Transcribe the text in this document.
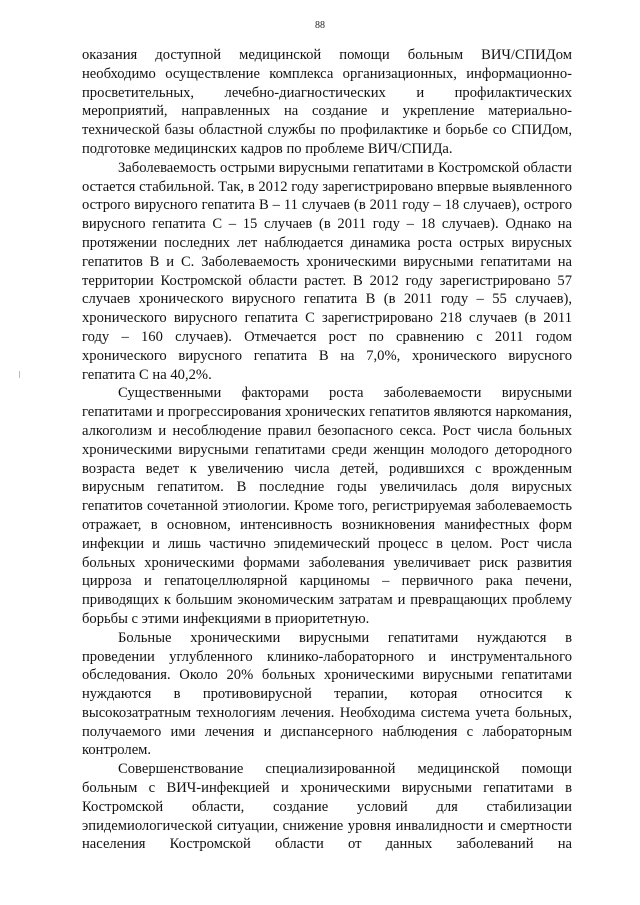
88

оказания доступной медицинской помощи больным ВИЧ/СПИДом необходимо осуществление комплекса организационных, информационно-просветительных, лечебно-диагностических и профилактических мероприятий, направленных на создание и укрепление материально-технической базы областной службы по профилактике и борьбе со СПИДом, подготовке медицинских кадров по проблеме ВИЧ/СПИДа.

Заболеваемость острыми вирусными гепатитами в Костромской области остается стабильной. Так, в 2012 году зарегистрировано впервые выявленного острого вирусного гепатита В – 11 случаев (в 2011 году – 18 случаев), острого вирусного гепатита С – 15 случаев (в 2011 году – 18 случаев). Однако на протяжении последних лет наблюдается динамика роста острых вирусных гепатитов В и С. Заболеваемость хроническими вирусными гепатитами на территории Костромской области растет. В 2012 году зарегистрировано 57 случаев хронического вирусного гепатита В (в 2011 году – 55 случаев), хронического вирусного гепатита С зарегистрировано 218 случаев (в 2011 году – 160 случаев). Отмечается рост по сравнению с 2011 годом хронического вирусного гепатита В на 7,0%, хронического вирусного гепатита С на 40,2%.

Существенными факторами роста заболеваемости вирусными гепатитами и прогрессирования хронических гепатитов являются наркомания, алкоголизм и несоблюдение правил безопасного секса. Рост числа больных хроническими вирусными гепатитами среди женщин молодого детородного возраста ведет к увеличению числа детей, родившихся с врожденным вирусным гепатитом. В последние годы увеличилась доля вирусных гепатитов сочетанной этиологии. Кроме того, регистрируемая заболеваемость отражает, в основном, интенсивность возникновения манифестных форм инфекции и лишь частично эпидемический процесс в целом. Рост числа больных хроническими формами заболевания увеличивает риск развития цирроза и гепатоцеллюлярной карциномы – первичного рака печени, приводящих к большим экономическим затратам и превращающих проблему борьбы с этими инфекциями в приоритетную.

Больные хроническими вирусными гепатитами нуждаются в проведении углубленного клинико-лабораторного и инструментального обследования. Около 20% больных хроническими вирусными гепатитами нуждаются в противовирусной терапии, которая относится к высокозатратным технологиям лечения. Необходима система учета больных, получаемого ими лечения и диспансерного наблюдения с лабораторным контролем.

Совершенствование специализированной медицинской помощи больным с ВИЧ-инфекцией и хроническими вирусными гепатитами в Костромской области, создание условий для стабилизации эпидемиологической ситуации, снижение уровня инвалидности и смертности населения Костромской области от данных заболеваний на
